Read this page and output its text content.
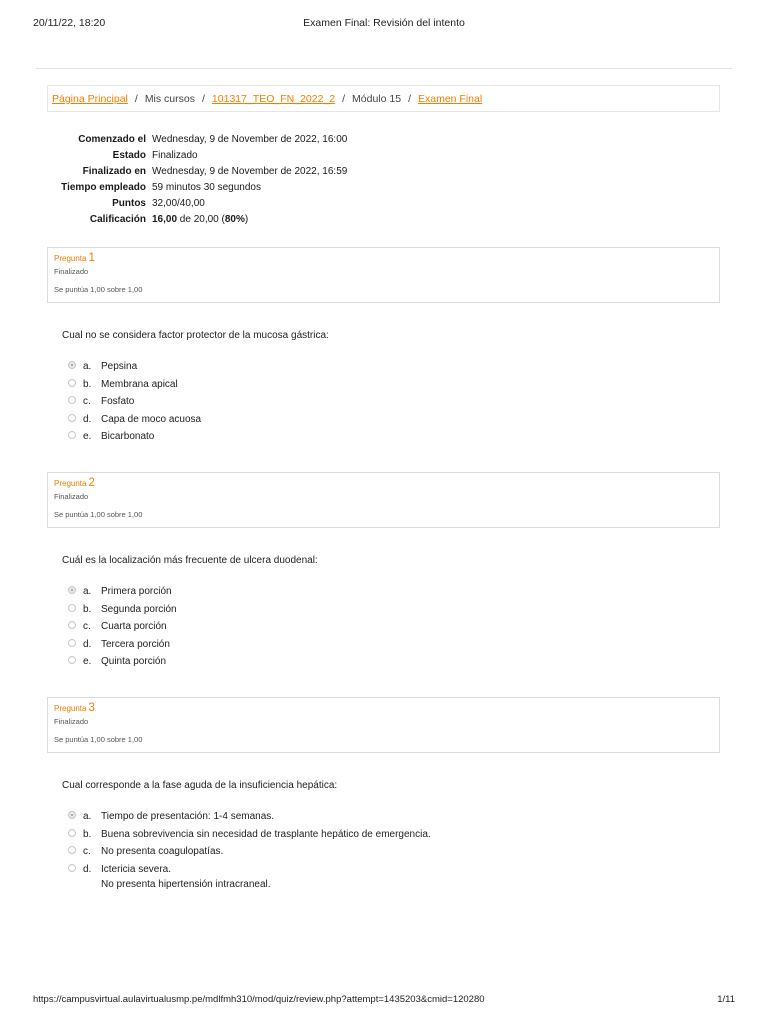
20/11/22, 18:20	Examen Final: Revisión del intento
Página Principal / Mis cursos / 101317_TEO_FN_2022_2 / Módulo 15 / Examen Final
Comenzado el	Wednesday, 9 de November de 2022, 16:00
Estado	Finalizado
Finalizado en	Wednesday, 9 de November de 2022, 16:59
Tiempo empleado	59 minutos 30 segundos
Puntos	32,00/40,00
Calificación	16,00 de 20,00 (80%)
Pregunta 1
Finalizado
Se puntúa 1,00 sobre 1,00
Cual no se considera factor protector de la mucosa gástrica:
a. Pepsina
b. Membrana apical
c. Fosfato
d. Capa de moco acuosa
e. Bicarbonato
Pregunta 2
Finalizado
Se puntúa 1,00 sobre 1,00
Cuál es la localización más frecuente de ulcera duodenal:
a. Primera porción
b. Segunda porción
c. Cuarta porción
d. Tercera porción
e. Quinta porción
Pregunta 3
Finalizado
Se puntúa 1,00 sobre 1,00
Cual corresponde a la fase aguda de la insuficiencia hepática:
a. Tiempo de presentación: 1-4 semanas.
b. Buena sobrevivencia sin necesidad de trasplante hepático de emergencia.
c. No presenta coagulopatías.
d. Ictericia severa.
No presenta hipertensión intracraneal.
https://campusvirtual.aulavirtualusmp.pe/mdlfmh310/mod/quiz/review.php?attempt=1435203&cmid=120280	1/11
